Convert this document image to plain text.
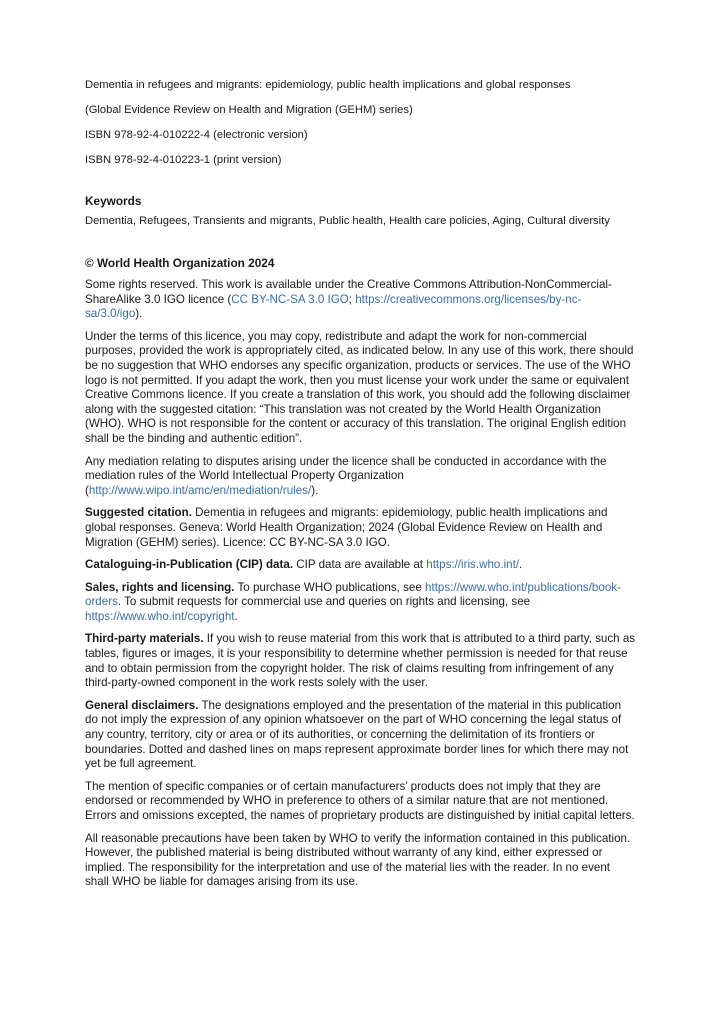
Dementia in refugees and migrants: epidemiology, public health implications and global responses

(Global Evidence Review on Health and Migration (GEHM) series)

ISBN 978-92-4-010222-4 (electronic version)

ISBN 978-92-4-010223-1 (print version)

Keywords

Dementia, Refugees, Transients and migrants, Public health, Health care policies, Aging, Cultural diversity

© World Health Organization 2024

Some rights reserved. This work is available under the Creative Commons Attribution-NonCommercial-ShareAlike 3.0 IGO licence (CC BY-NC-SA 3.0 IGO; https://creativecommons.org/licenses/by-nc-sa/3.0/igo).

Under the terms of this licence, you may copy, redistribute and adapt the work for non-commercial purposes, provided the work is appropriately cited, as indicated below. In any use of this work, there should be no suggestion that WHO endorses any specific organization, products or services. The use of the WHO logo is not permitted. If you adapt the work, then you must license your work under the same or equivalent Creative Commons licence. If you create a translation of this work, you should add the following disclaimer along with the suggested citation: “This translation was not created by the World Health Organization (WHO). WHO is not responsible for the content or accuracy of this translation. The original English edition shall be the binding and authentic edition”.

Any mediation relating to disputes arising under the licence shall be conducted in accordance with the mediation rules of the World Intellectual Property Organization (http://www.wipo.int/amc/en/mediation/rules/).

Suggested citation. Dementia in refugees and migrants: epidemiology, public health implications and global responses. Geneva: World Health Organization; 2024 (Global Evidence Review on Health and Migration (GEHM) series). Licence: CC BY-NC-SA 3.0 IGO.

Cataloguing-in-Publication (CIP) data. CIP data are available at https://iris.who.int/.

Sales, rights and licensing. To purchase WHO publications, see https://www.who.int/publications/book-orders. To submit requests for commercial use and queries on rights and licensing, see https://www.who.int/copyright.

Third-party materials. If you wish to reuse material from this work that is attributed to a third party, such as tables, figures or images, it is your responsibility to determine whether permission is needed for that reuse and to obtain permission from the copyright holder. The risk of claims resulting from infringement of any third-party-owned component in the work rests solely with the user.

General disclaimers. The designations employed and the presentation of the material in this publication do not imply the expression of any opinion whatsoever on the part of WHO concerning the legal status of any country, territory, city or area or of its authorities, or concerning the delimitation of its frontiers or boundaries. Dotted and dashed lines on maps represent approximate border lines for which there may not yet be full agreement.

The mention of specific companies or of certain manufacturers’ products does not imply that they are endorsed or recommended by WHO in preference to others of a similar nature that are not mentioned. Errors and omissions excepted, the names of proprietary products are distinguished by initial capital letters.

All reasonable precautions have been taken by WHO to verify the information contained in this publication. However, the published material is being distributed without warranty of any kind, either expressed or implied. The responsibility for the interpretation and use of the material lies with the reader. In no event shall WHO be liable for damages arising from its use.
